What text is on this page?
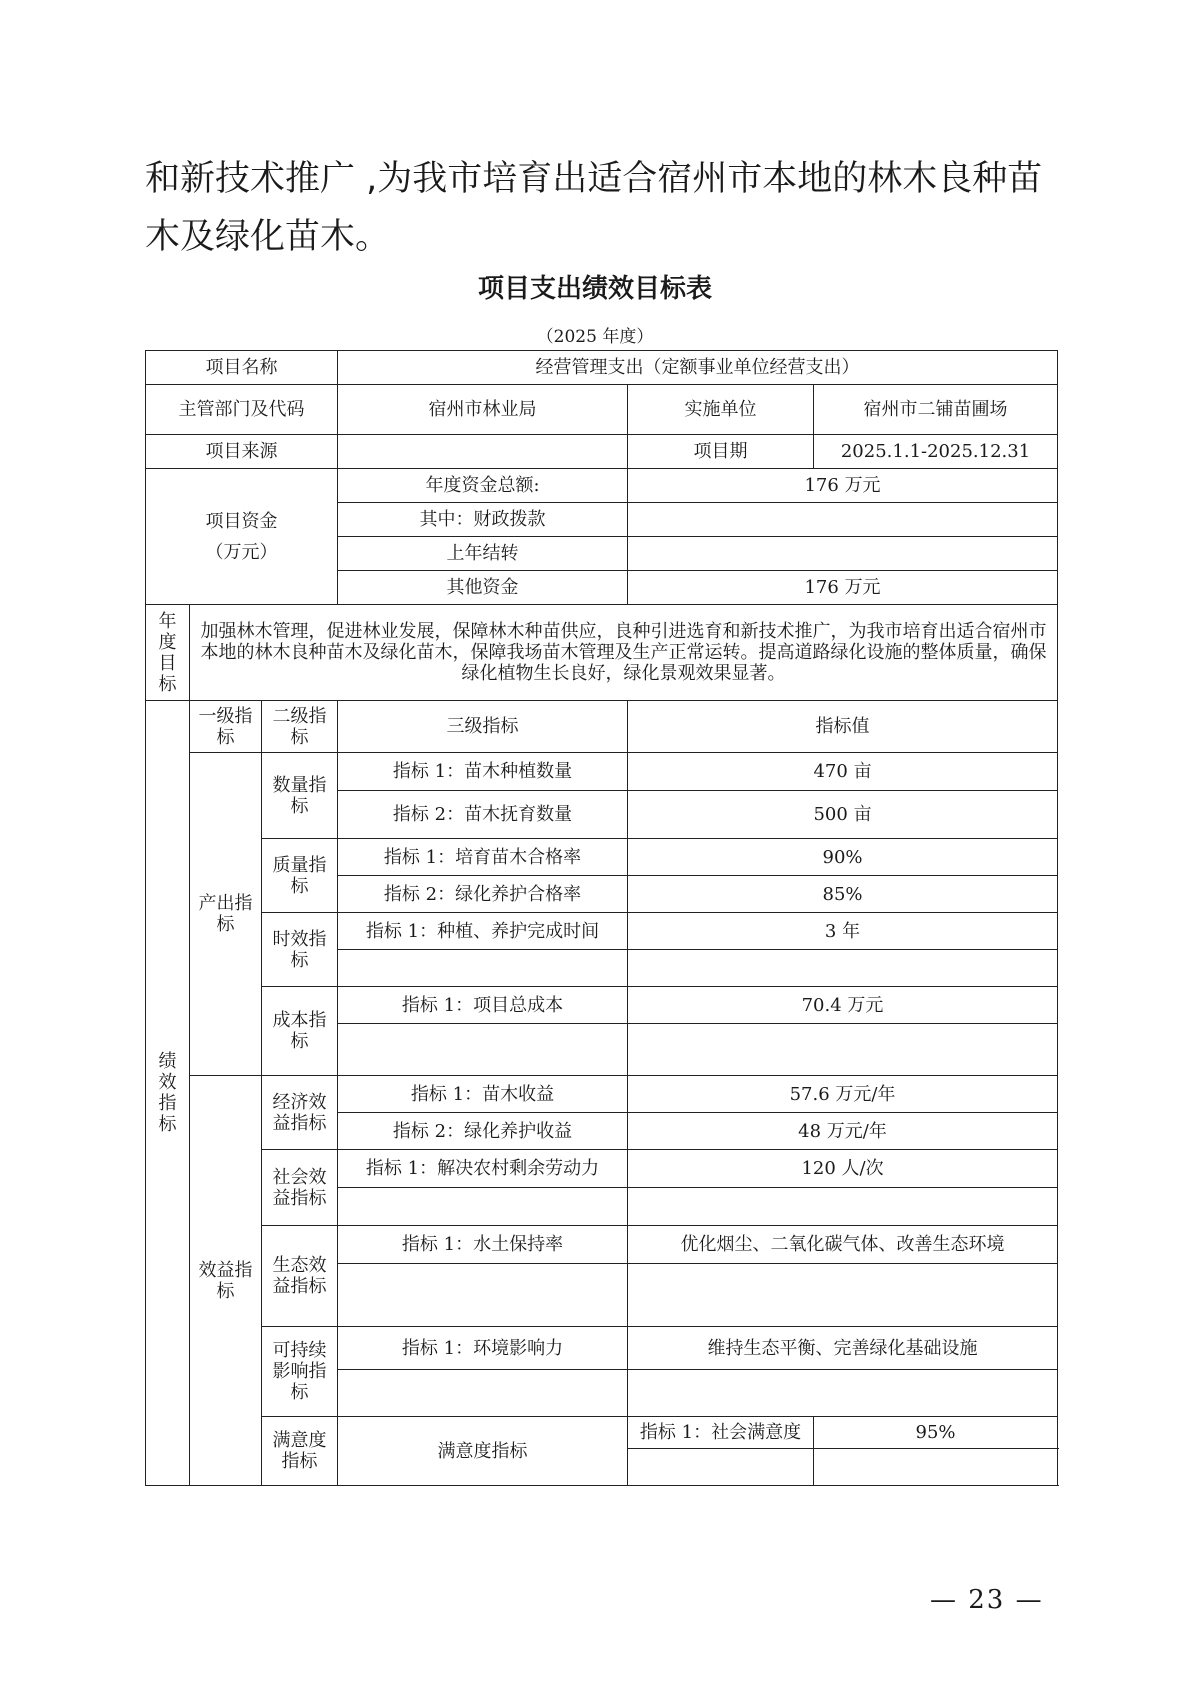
和新技术推广 ,为我市培育出适合宿州市本地的林木良种苗木及绿化苗木。

项目支出绩效目标表

（2025 年度）

项目名称			经营管理支出（定额事业单位经营支出）		
主管部门及代码			宿州市林业局	实施单位	宿州市二铺苗圃场
项目来源				项目期	2025.1.1-2025.12.31

项目资金
（万元）			年度资金总额:	176 万元	
			其中：财政拨款		
			上年结转		
			其他资金	176 万元	
年度目标	加强林木管理，促进林业发展，保障林木种苗供应，良种引进选育和新技术推广，为我市培育出适合宿州市本地的林木良种苗木及绿化苗木，保障我场苗木管理及生产正常运转。提高道路绿化设施的整体质量，确保绿化植物生长良好，绿化景观效果显著。				
绩效指标	一级指标	二级指标	三级指标	指标值	
	产出指标	数量指标	指标 1：苗木种植数量	470 亩	
			指标 2：苗木抚育数量	500 亩	
		质量指标	指标 1：培育苗木合格率	90%	
			指标 2：绿化养护合格率	85%	
		时效指标	指标 1：种植、养护完成时间	3 年	

		成本指标	指标 1：项目总成本	70.4 万元	

	效益指标	经济效益指标	指标 1：苗木收益	57.6 万元/年	
			指标 2：绿化养护收益	48 万元/年	
		社会效益指标	指标 1：解决农村剩余劳动力	120 人/次	

		生态效益指标	指标 1：水土保持率	优化烟尘、二氧化碳气体、改善生态环境	

		可持续影响指标	指标 1：环境影响力	维持生态平衡、完善绿化基础设施	

		满意度指标	满意度指标	指标 1：社会满意度	95%

— 23 —
